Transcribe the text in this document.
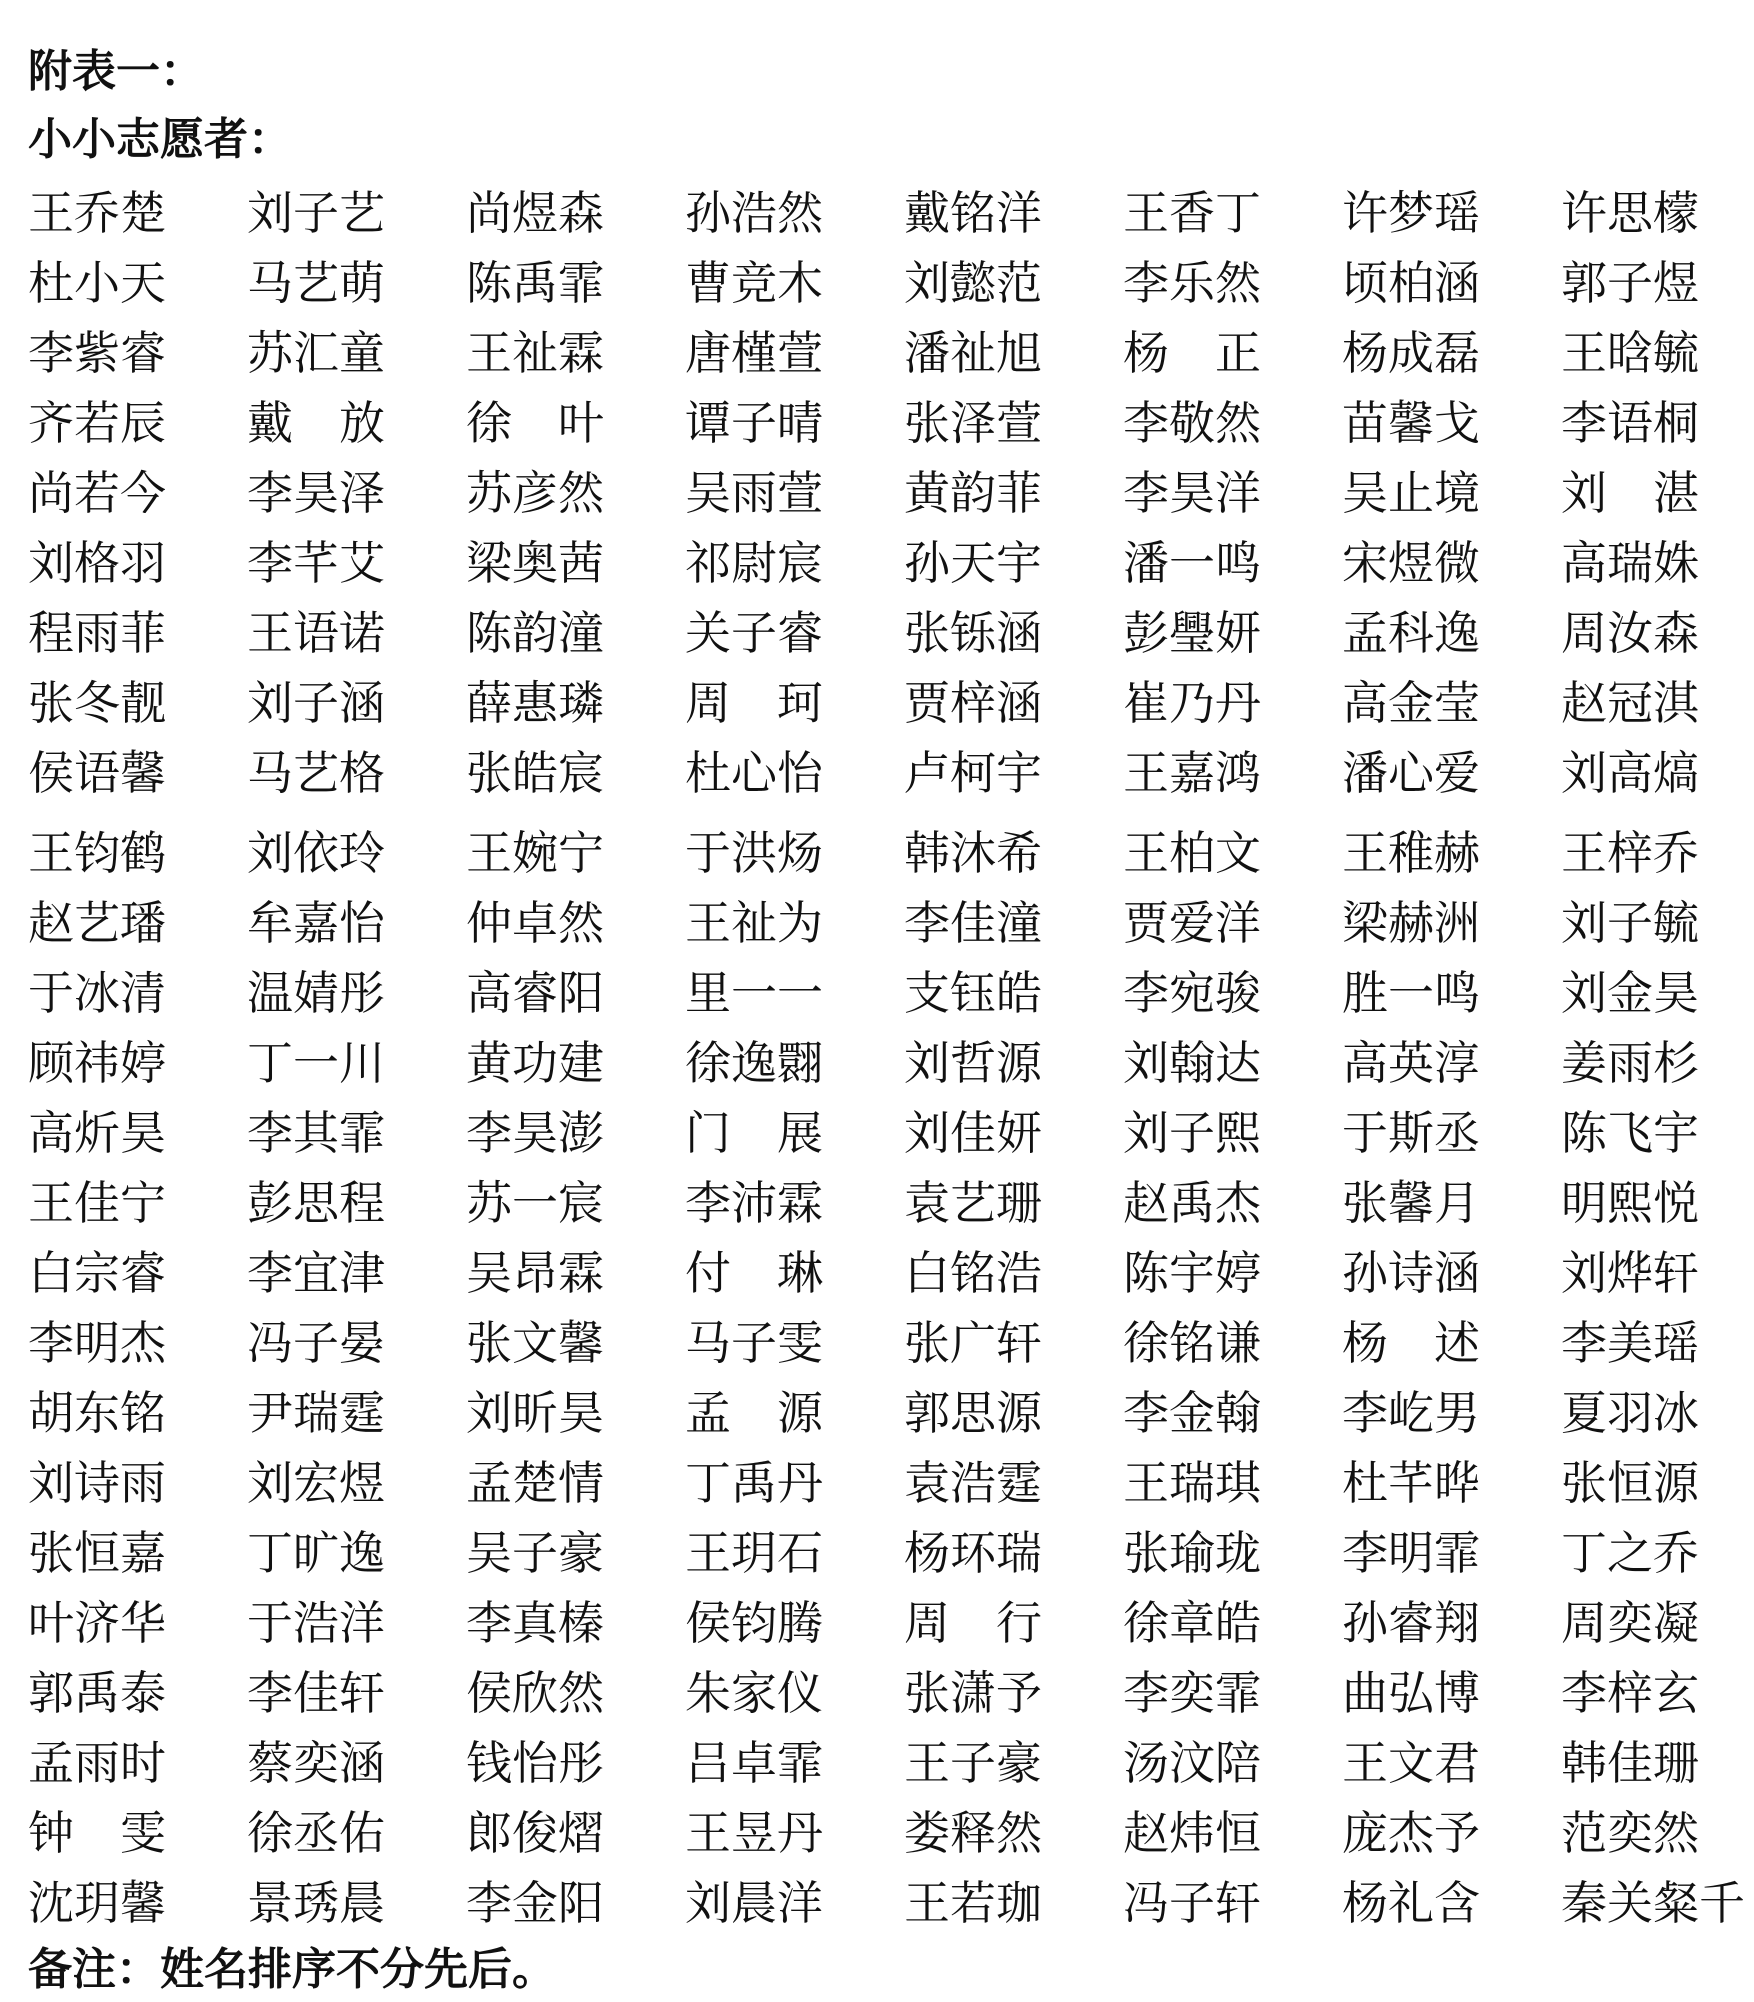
附表一：
小小志愿者：
王乔楚	刘子艺	尚煜森	孙浩然	戴铭洋	王香丁	许梦瑶	许思檬
杜小天	马艺萌	陈禹霏	曹竞木	刘懿范	李乐然	顷柏涵	郭子煜
李紫睿	苏汇童	王祉霖	唐槿萱	潘祉旭	杨　正	杨成磊	王晗毓
齐若辰	戴　放	徐　叶	谭子晴	张泽萱	李敬然	苗馨戈	李语桐
尚若今	李昊泽	苏彦然	吴雨萱	黄韵菲	李昊洋	吴止境	刘　湛
刘格羽	李芊艾	梁奥茜	祁尉宸	孙天宇	潘一鸣	宋煜微	高瑞姝
程雨菲	王语诺	陈韵潼	关子睿	张铄涵	彭璺妍	孟科逸	周汝森
张冬靓	刘子涵	薛惠璘	周　珂	贾梓涵	崔乃丹	高金莹	赵冠淇
侯语馨	马艺格	张皓宸	杜心怡	卢柯宇	王嘉鸿	潘心爱	刘高熇
王钧鹤	刘依玲	王婉宁	于洪炀	韩沐希	王柏文	王稚赫	王梓乔
赵艺璠	牟嘉怡	仲卓然	王祉为	李佳潼	贾爱洋	梁赫洲	刘子毓
于冰清	温婧彤	高睿阳	里一一	支钰皓	李宛骏	胜一鸣	刘金昊
顾祎婷	丁一川	黄功建	徐逸翾	刘哲源	刘翰达	高英淳	姜雨杉
高炘昊	李其霏	李昊澎	门　展	刘佳妍	刘子熙	于斯丞	陈飞宇
王佳宁	彭思程	苏一宸	李沛霖	袁艺珊	赵禹杰	张馨月	明熙悦
白宗睿	李宜津	吴昂霖	付　琳	白铭浩	陈宇婷	孙诗涵	刘烨轩
李明杰	冯子晏	张文馨	马子雯	张广轩	徐铭谦	杨　述	李美瑶
胡东铭	尹瑞霆	刘昕昊	孟　源	郭思源	李金翰	李屹男	夏羽冰
刘诗雨	刘宏煜	孟楚情	丁禹丹	袁浩霆	王瑞琪	杜芊晔	张恒源
张恒嘉	丁旷逸	吴子豪	王玥石	杨环瑞	张瑜珑	李明霏	丁之乔
叶济华	于浩洋	李真榛	侯钧腾	周　行	徐章皓	孙睿翔	周奕凝
郭禹泰	李佳轩	侯欣然	朱家仪	张潇予	李奕霏	曲弘博	李梓玄
孟雨时	蔡奕涵	钱怡彤	吕卓霏	王子豪	汤汶陪	王文君	韩佳珊
钟　雯	徐丞佑	郎俊熠	王昱丹	娄释然	赵炜恒	庞杰予	范奕然
沈玥馨	景琇晨	李金阳	刘晨洋	王若珈	冯子轩	杨礼含	秦关粲千
备注：姓名排序不分先后。
